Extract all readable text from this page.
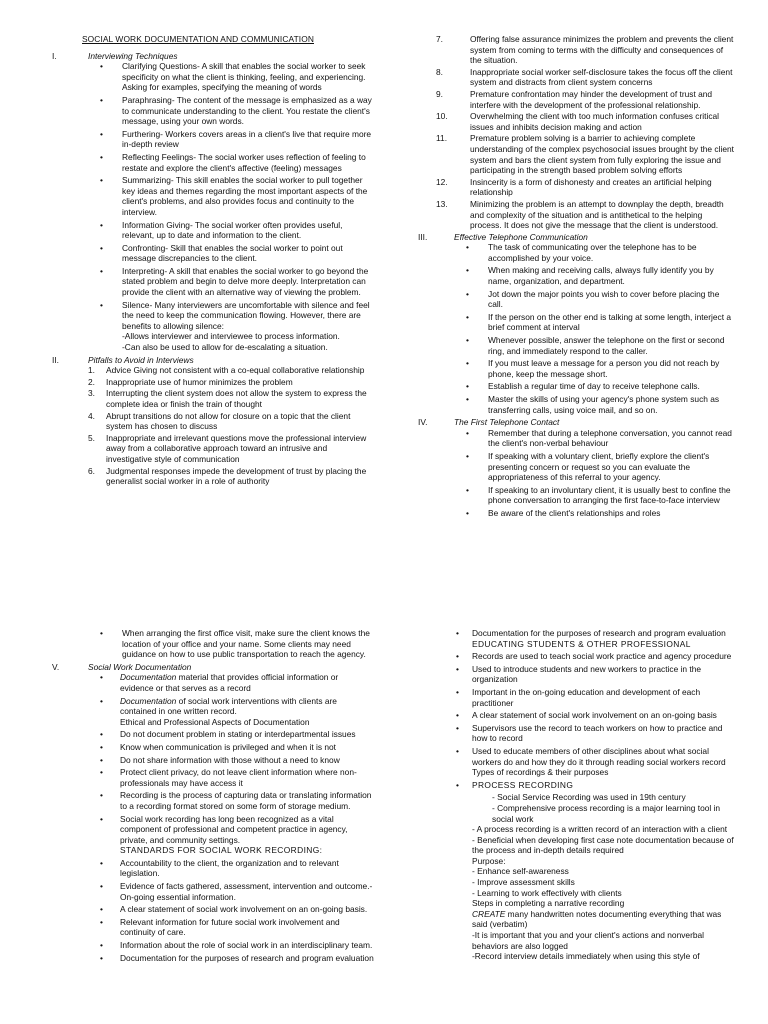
SOCIAL WORK DOCUMENTATION AND COMMUNICATION

I.	Interviewing Techniques
• Clarifying Questions- A skill that enables the social worker to seek specificity on what the client is thinking, feeling, and experiencing. Asking for examples, specifying the meaning of words
• Paraphrasing- The content of the message is emphasized as a way to communicate understanding to the client. You restate the client's message, using your own words.
• Furthering- Workers covers areas in a client's live that require more in-depth review
• Reflecting Feelings- The social worker uses reflection of feeling to restate and explore the client's affective (feeling) messages
• Summarizing- This skill enables the social worker to pull together key ideas and themes regarding the most important aspects of the client's problems, and also provides focus and continuity to the interview.
• Information Giving- The social worker often provides useful, relevant, up to date and information to the client.
• Confronting- Skill that enables the social worker to point out message discrepancies to the client.
• Interpreting- A skill that enables the social worker to go beyond the stated problem and begin to delve more deeply. Interpretation can provide the client with an alternative way of viewing the problem.
• Silence- Many interviewers are uncomfortable with silence and feel the need to keep the communication flowing. However, there are benefits to allowing silence:
-Allows interviewer and interviewee to process information.
-Can also be used to allow for de-escalating a situation.
II.	Pitfalls to Avoid in Interviews
1. Advice Giving not consistent with a co-equal collaborative relationship
2. Inappropriate use of humor minimizes the problem
3. Interrupting the client system does not allow the system to express the complete idea or finish the train of thought
4. Abrupt transitions do not allow for closure on a topic that the client system has chosen to discuss
5. Inappropriate and irrelevant questions move the professional interview away from a collaborative approach toward an intrusive and investigative style of communication
6. Judgmental responses impede the development of trust by placing the generalist social worker in a role of authority
7.	Offering false assurance minimizes the problem and prevents the client system from coming to terms with the difficulty and consequences of the situation.
8.	Inappropriate social worker self-disclosure takes the focus off the client system and distracts from client system concerns
9.	Premature confrontation may hinder the development of trust and interfere with the development of the professional relationship.
10.	Overwhelming the client with too much information confuses critical issues and inhibits decision making and action
11.	Premature problem solving is a barrier to achieving complete understanding of the complex psychosocial issues brought by the client system and bars the client system from fully exploring the issue and participating in the strength based problem solving efforts
12.	Insincerity is a form of dishonesty and creates an artificial helping relationship
13.	Minimizing the problem is an attempt to downplay the depth, breadth and complexity of the situation and is antithetical to the helping process. It does not give the message that the client is understood.
III.	Effective Telephone Communication
• The task of communicating over the telephone has to be accomplished by your voice.
• When making and receiving calls, always fully identify you by name, organization, and department.
• Jot down the major points you wish to cover before placing the call.
• If the person on the other end is talking at some length, interject a brief comment at interval
• Whenever possible, answer the telephone on the first or second ring, and immediately respond to the caller.
• If you must leave a message for a person you did not reach by phone, keep the message short.
• Establish a regular time of day to receive telephone calls.
• Master the skills of using your agency's phone system such as transferring calls, using voice mail, and so on.
IV.	The First Telephone Contact
• Remember that during a telephone conversation, you cannot read the client's non-verbal behaviour
• If speaking with a voluntary client, briefly explore the client's presenting concern or request so you can evaluate the appropriateness of this referral to your agency.
• If speaking to an involuntary client, it is usually best to confine the phone conversation to arranging the first face-to-face interview
• Be aware of the client's relationships and roles
• When arranging the first office visit, make sure the client knows the location of your office and your name. Some clients may need guidance on how to use public transportation to reach the agency.
V.	Social Work Documentation
• Documentation material that provides official information or evidence or that serves as a record
• Documentation of social work interventions with clients are contained in one written record.
Ethical and Professional Aspects of Documentation
• Do not document problem in stating or interdepartmental issues
• Know when communication is privileged and when it is not
• Do not share information with those without a need to know
• Protect client privacy, do not leave client information where non-professionals may have access it
• Recording is the process of capturing data or translating information to a recording format stored on some form of storage medium.
• Social work recording has long been recognized as a vital component of professional and competent practice in agency, private, and community settings.
STANDARDS FOR SOCIAL WORK RECORDING:
• Accountability to the client, the organization and to relevant legislation.
• Evidence of facts gathered, assessment, intervention and outcome.- On-going essential information.
• A clear statement of social work involvement on an on-going basis.
• Relevant information for future social work involvement and continuity of care.
• Information about the role of social work in an interdisciplinary team.
• Documentation for the purposes of research and program evaluation
• Documentation for the purposes of research and program evaluation
EDUCATING STUDENTS & OTHER PROFESSIONAL
• Records are used to teach social work practice and agency procedure
• Used to introduce students and new workers to practice in the organization
• Important in the on-going education and development of each practitioner
• A clear statement of social work involvement on an on-going basis
• Supervisors use the record to teach workers on how to practice and how to record
• Used to educate members of other disciplines about what social workers do and how they do it through reading social workers record
Types of recordings & their purposes
• PROCESS RECORDING

- Social Service Recording was used in 19th century

- Comprehensive process recording is a major learning tool in social work

- A process recording is a written record of an interaction with a client

- Beneficial when developing first case note documentation because of the process and in-depth details required

Purpose:

- Enhance self-awareness

- Improve assessment skills

- Learning to work effectively with clients

Steps in completing a narrative recording

CREATE many handwritten notes documenting everything that was said (verbatim)

-It is important that you and your client's actions and nonverbal behaviors are also logged

-Record interview details immediately when using this style of
